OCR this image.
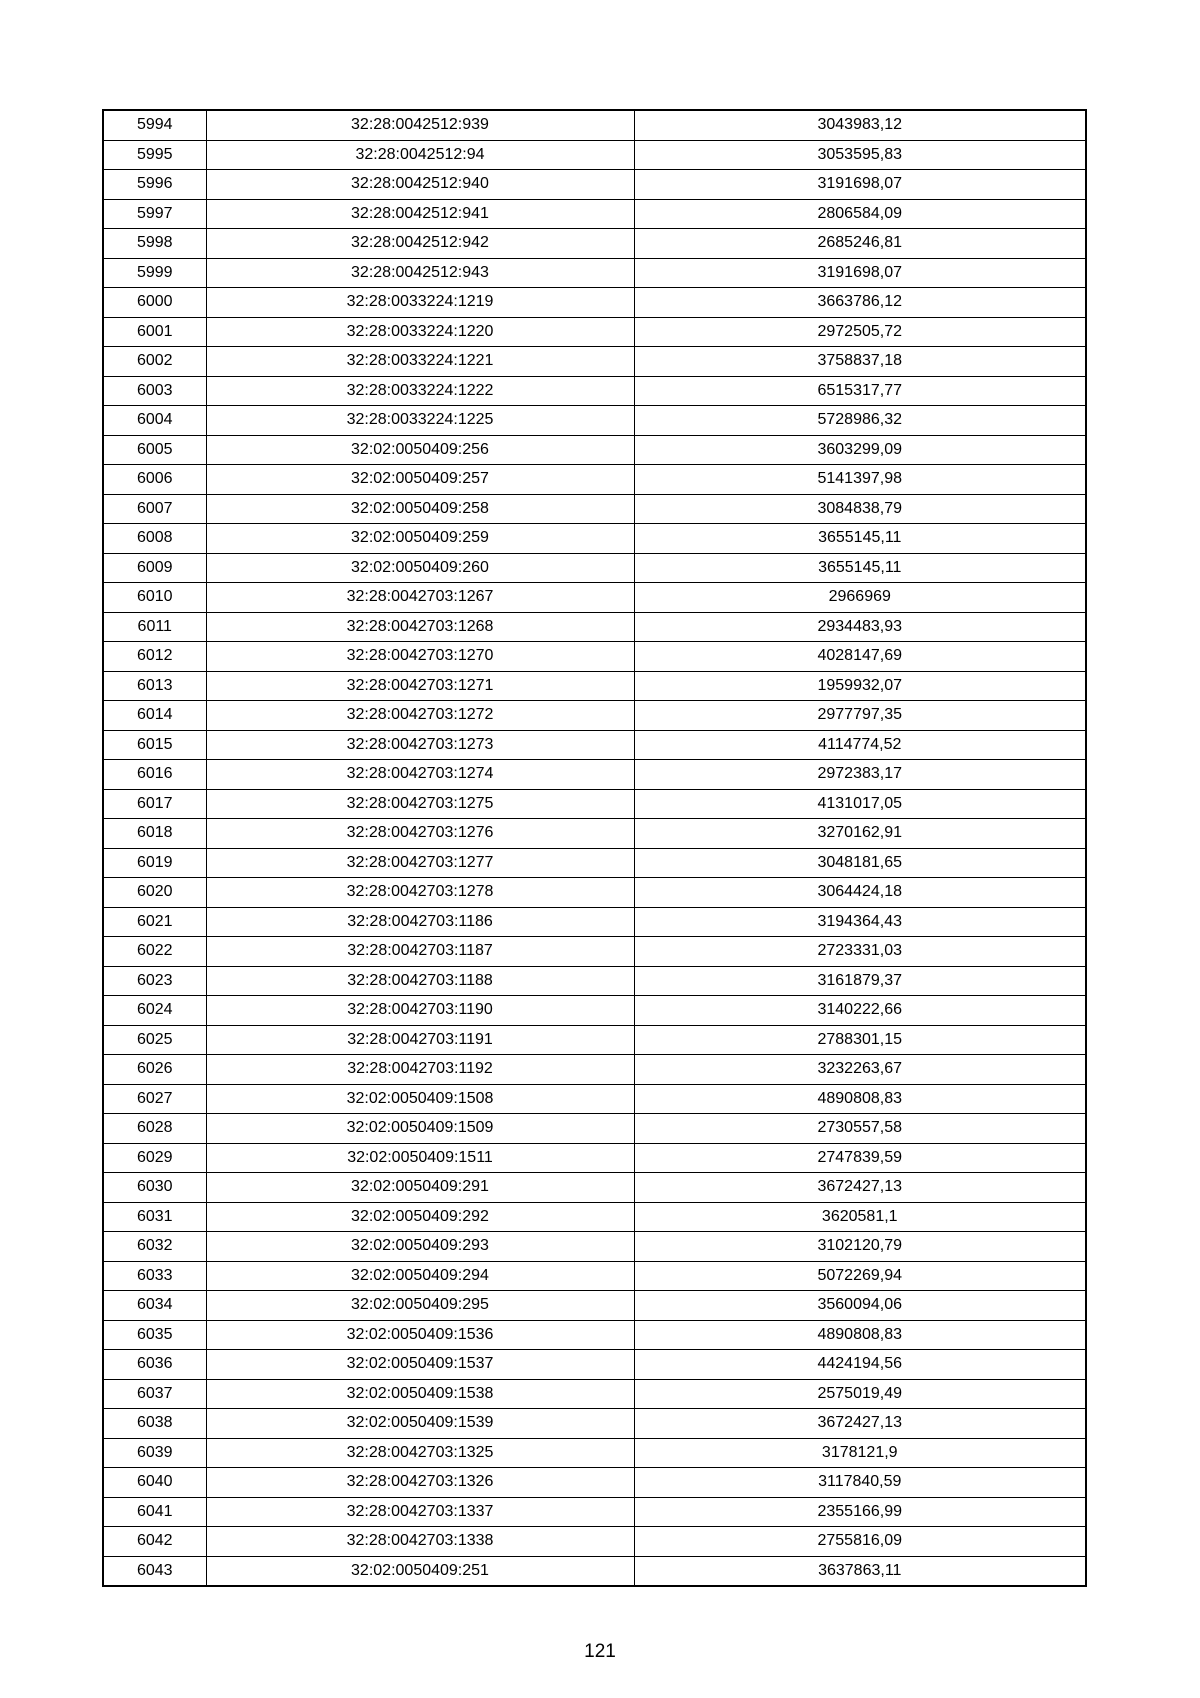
5994	32:28:0042512:939	3043983,12
5995	32:28:0042512:94	3053595,83
5996	32:28:0042512:940	3191698,07
5997	32:28:0042512:941	2806584,09
5998	32:28:0042512:942	2685246,81
5999	32:28:0042512:943	3191698,07
6000	32:28:0033224:1219	3663786,12
6001	32:28:0033224:1220	2972505,72
6002	32:28:0033224:1221	3758837,18
6003	32:28:0033224:1222	6515317,77
6004	32:28:0033224:1225	5728986,32
6005	32:02:0050409:256	3603299,09
6006	32:02:0050409:257	5141397,98
6007	32:02:0050409:258	3084838,79
6008	32:02:0050409:259	3655145,11
6009	32:02:0050409:260	3655145,11
6010	32:28:0042703:1267	2966969
6011	32:28:0042703:1268	2934483,93
6012	32:28:0042703:1270	4028147,69
6013	32:28:0042703:1271	1959932,07
6014	32:28:0042703:1272	2977797,35
6015	32:28:0042703:1273	4114774,52
6016	32:28:0042703:1274	2972383,17
6017	32:28:0042703:1275	4131017,05
6018	32:28:0042703:1276	3270162,91
6019	32:28:0042703:1277	3048181,65
6020	32:28:0042703:1278	3064424,18
6021	32:28:0042703:1186	3194364,43
6022	32:28:0042703:1187	2723331,03
6023	32:28:0042703:1188	3161879,37
6024	32:28:0042703:1190	3140222,66
6025	32:28:0042703:1191	2788301,15
6026	32:28:0042703:1192	3232263,67
6027	32:02:0050409:1508	4890808,83
6028	32:02:0050409:1509	2730557,58
6029	32:02:0050409:1511	2747839,59
6030	32:02:0050409:291	3672427,13
6031	32:02:0050409:292	3620581,1
6032	32:02:0050409:293	3102120,79
6033	32:02:0050409:294	5072269,94
6034	32:02:0050409:295	3560094,06
6035	32:02:0050409:1536	4890808,83
6036	32:02:0050409:1537	4424194,56
6037	32:02:0050409:1538	2575019,49
6038	32:02:0050409:1539	3672427,13
6039	32:28:0042703:1325	3178121,9
6040	32:28:0042703:1326	3117840,59
6041	32:28:0042703:1337	2355166,99
6042	32:28:0042703:1338	2755816,09
6043	32:02:0050409:251	3637863,11
121
